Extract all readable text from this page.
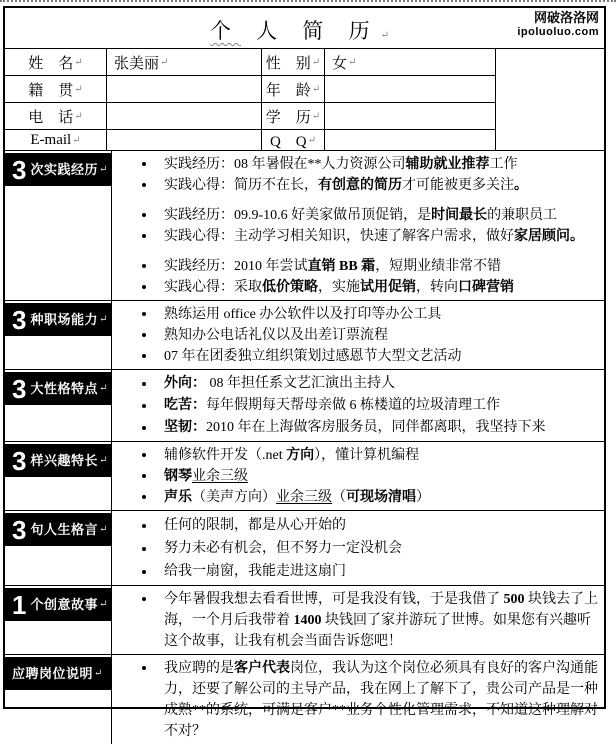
个 人 简 历↵
网破洛洛网
ipoluoluo.com
姓　名 ↵ 张美丽 ↵	性　别 ↵ 女 ↵
籍　贯 ↵	年　龄 ↵
电　话 ↵	学　历 ↵
E-mail ↵	Q　Q ↵
3 次实践经历 ↵	实践经历：08 年暑假在**人力资源公司辅助就业推荐工作
实践心得：简历不在长，有创意的简历才可能被更多关注。
实践经历：09.9-10.6 好美家做吊顶促销，是时间最长的兼职员工
实践心得：主动学习相关知识，快速了解客户需求，做好家居顾问。
实践经历：2010 年尝试直销 BB 霜，短期业绩非常不错
实践心得：采取低价策略，实施试用促销，转向口碑营销
3 种职场能力 ↵	熟练运用 office 办公软件以及打印等办公工具
熟知办公电话礼仪以及出差订票流程
07 年在团委独立组织策划过感恩节大型文艺活动
3 大性格特点 ↵	外向： 08 年担任系文艺汇演出主持人
吃苦：每年假期每天帮母亲做 6 栋楼道的垃圾清理工作
坚韧：2010 年在上海做客房服务员，同伴都离职，我坚持下来
3 样兴趣特长 ↵	辅修软件开发（.net 方向），懂计算机编程
钢琴业余三级
声乐（美声方向）业余三级（可现场清唱）
3 句人生格言 ↵	任何的限制，都是从心开始的
努力未必有机会，但不努力一定没机会
给我一扇窗，我能走进这扇门
1 个创意故事 ↵	今年暑假我想去看看世博，可是我没有钱，于是我借了 500 块钱去了上海，一个月后我带着 1400 块钱回了家并游玩了世博。如果您有兴趣听这个故事，让我有机会当面告诉您吧！
应聘岗位说明 ↵	我应聘的是客户代表岗位，我认为这个岗位必须具有良好的客户沟通能力，还要了解公司的主导产品，我在网上了解下了，贵公司产品是一种成熟**的系统，可满足客户**业务个性化管理需求，不知道这种理解对不对？
